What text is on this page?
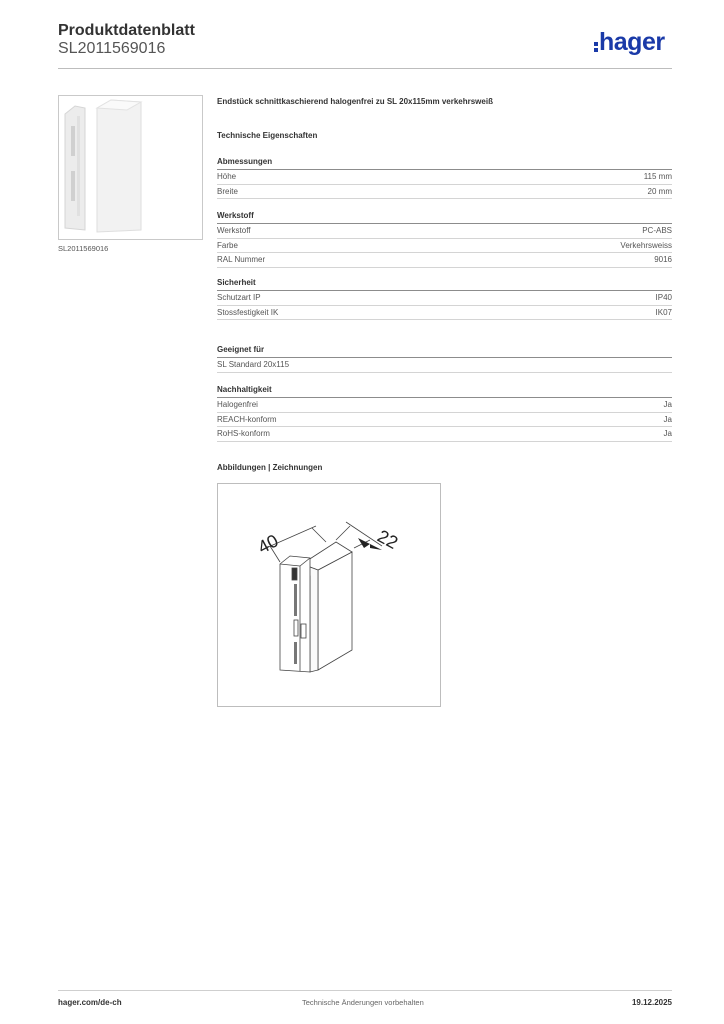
Produktdatenblatt
SL2011569016	hager
SL2011569016
Endstück schnittkaschierend halogenfrei zu SL 20x115mm verkehrsweiß
Technische Eigenschaften
Abmessungen
Höhe	115 mm
Breite	20 mm
Werkstoff
Werkstoff	PC-ABS
Farbe	Verkehrsweiss
RAL Nummer	9016
Sicherheit
Schutzart IP	IP40
Stossfestigkeit IK	IK07
Geeignet für
SL Standard 20x115
Nachhaltigkeit
Halogenfrei	Ja
REACH-konform	Ja
RoHS-konform	Ja
Abbildungen | Zeichnungen
40	22
hager.com/de-ch	Technische Änderungen vorbehalten	19.12.2025
